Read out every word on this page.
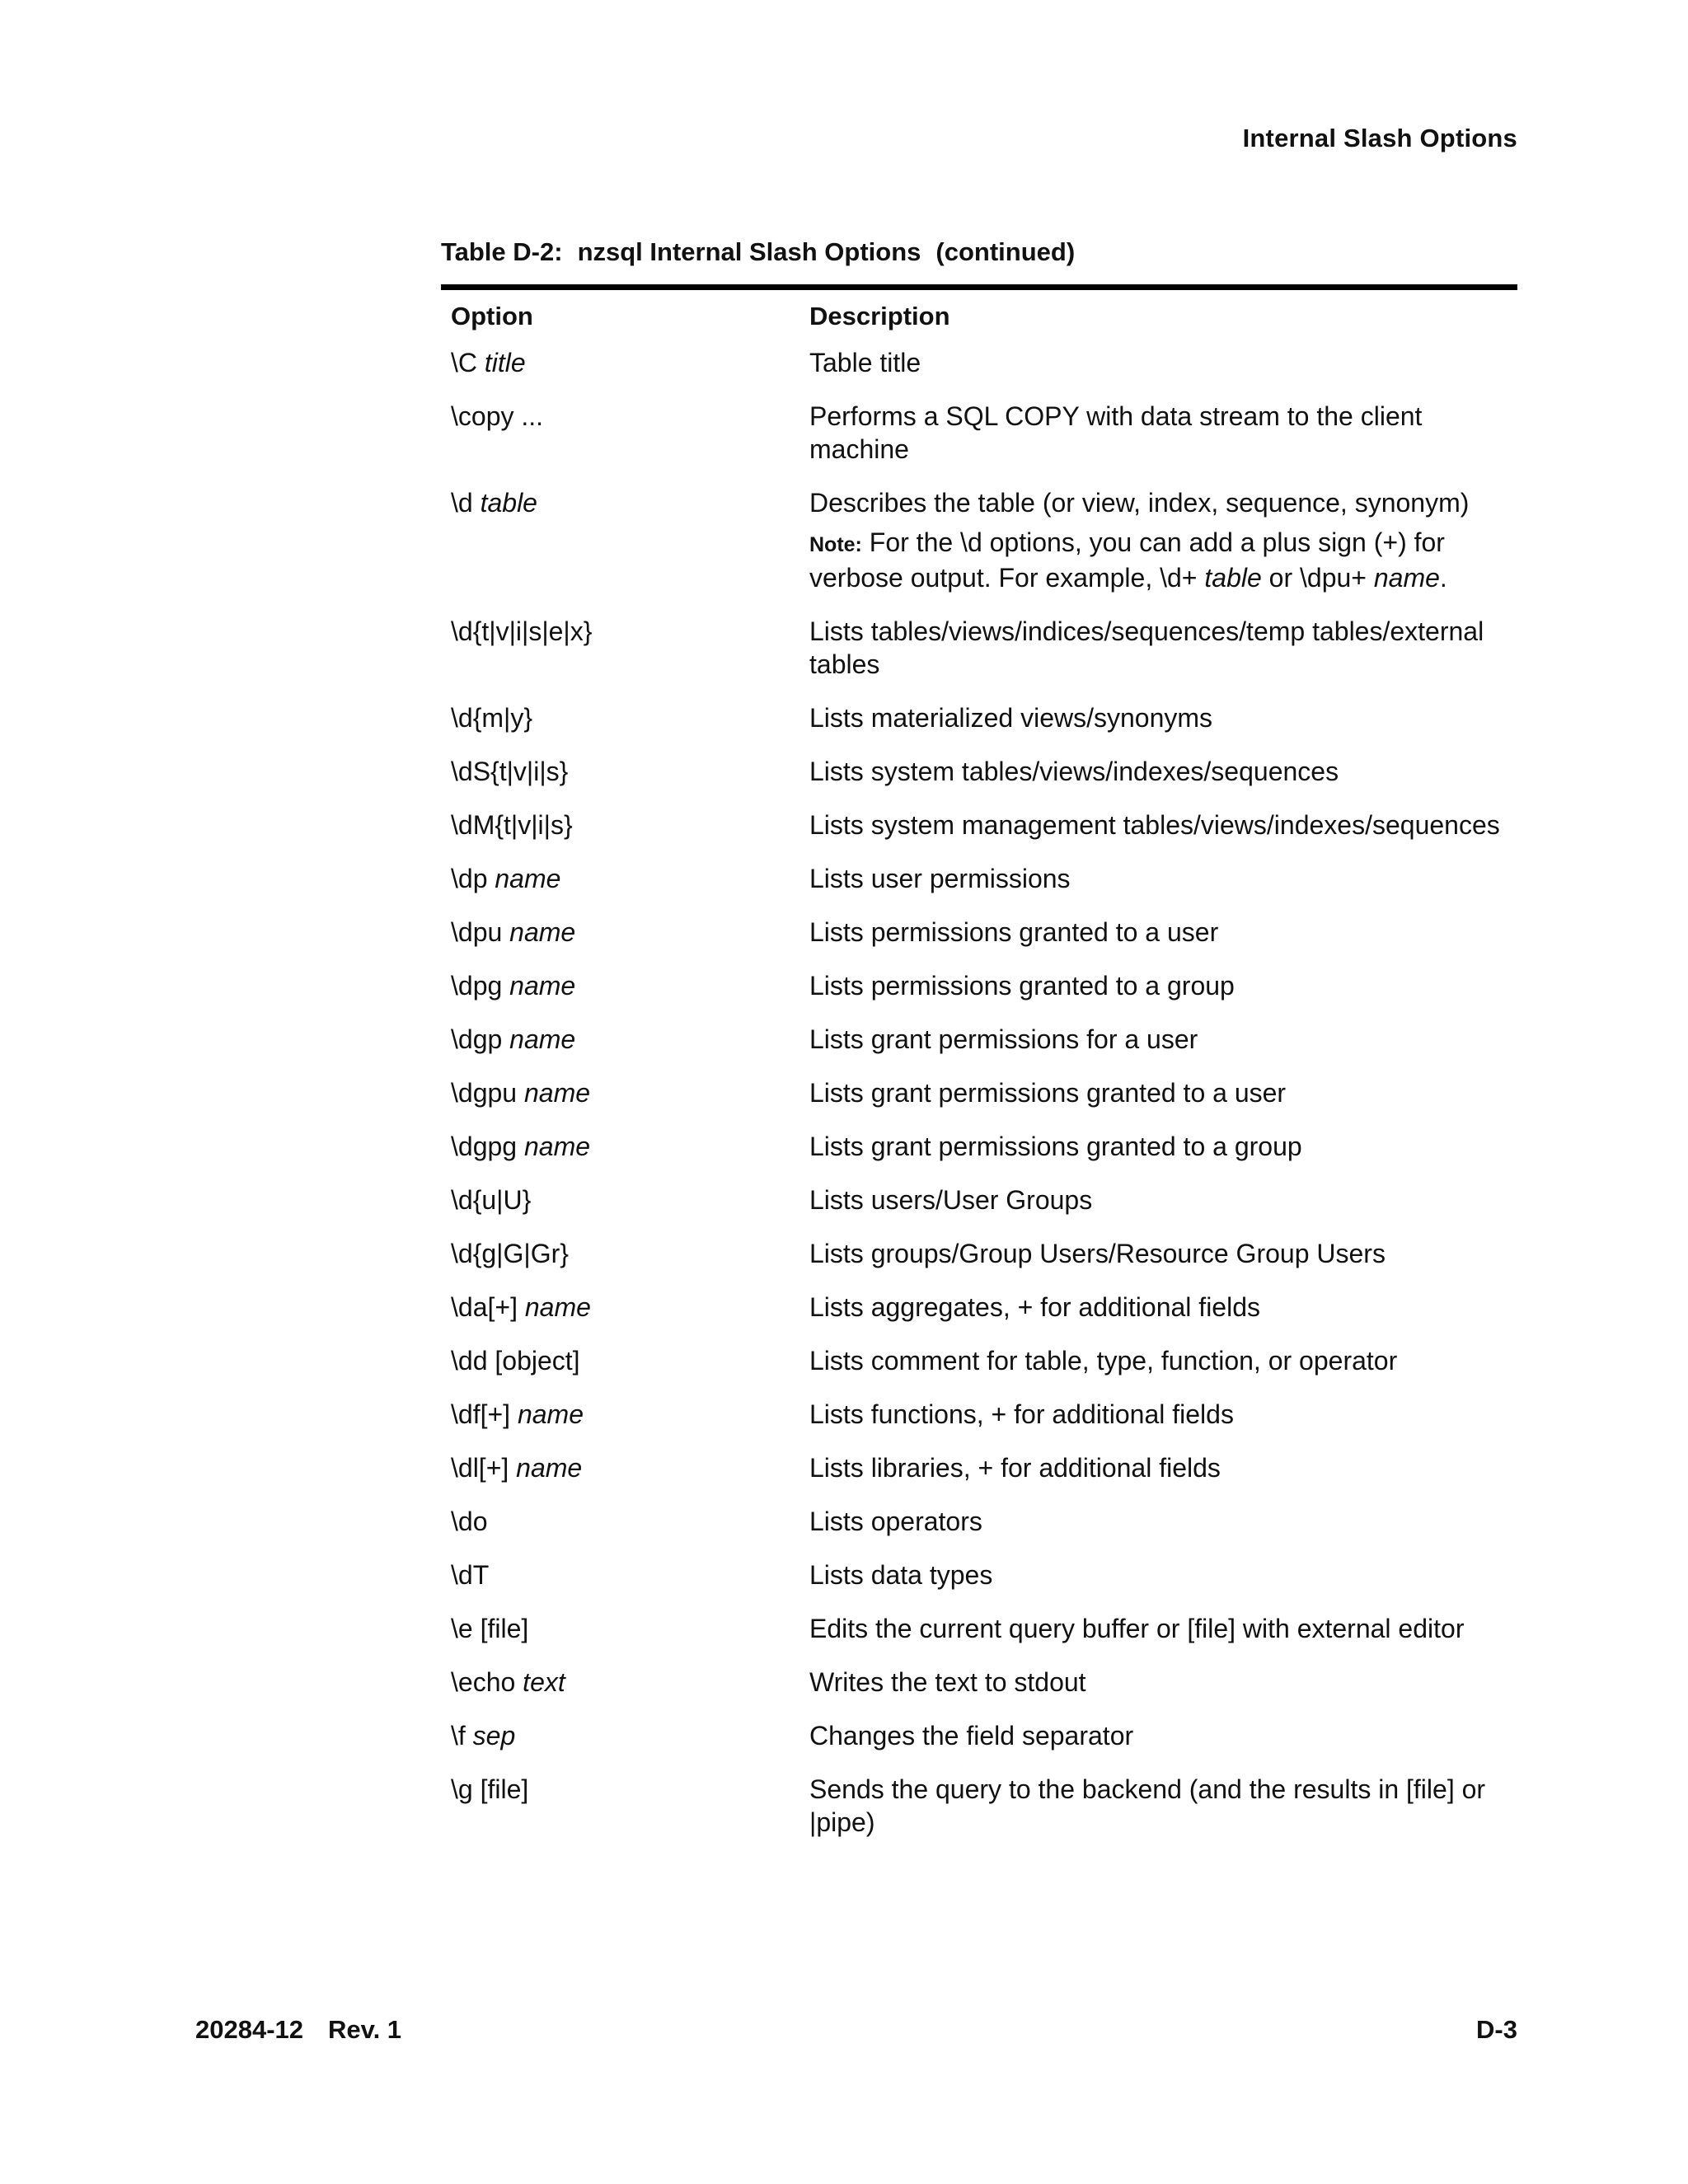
Internal Slash Options
Table D-2: nzsql Internal Slash Options (continued)
Option	Description
\C title	Table title

\copy ...	Performs a SQL COPY with data stream to the client machine

\d table	Describes the table (or view, index, sequence, synonym)
Note: For the \d options, you can add a plus sign (+) for verbose output. For example, \d+ table or \dpu+ name.

\d{t|v|i|s|e|x}	Lists tables/views/indices/sequences/temp tables/external tables

\d{m|y}	Lists materialized views/synonyms

\dS{t|v|i|s}	Lists system tables/views/indexes/sequences

\dM{t|v|i|s}	Lists system management tables/views/indexes/sequences

\dp name	Lists user permissions

\dpu name	Lists permissions granted to a user

\dpg name	Lists permissions granted to a group

\dgp name	Lists grant permissions for a user

\dgpu name	Lists grant permissions granted to a user

\dgpg name	Lists grant permissions granted to a group

\d{u|U}	Lists users/User Groups

\d{g|G|Gr}	Lists groups/Group Users/Resource Group Users

\da[+] name	Lists aggregates, + for additional fields

\dd [object]	Lists comment for table, type, function, or operator

\df[+] name	Lists functions, + for additional fields

\dl[+] name	Lists libraries, + for additional fields

\do	Lists operators

\dT	Lists data types

\e [file]	Edits the current query buffer or [file] with external editor

\echo text	Writes the text to stdout

\f sep	Changes the field separator

\g [file]	Sends the query to the backend (and the results in [file] or |pipe)
20284-12 Rev. 1	D-3
